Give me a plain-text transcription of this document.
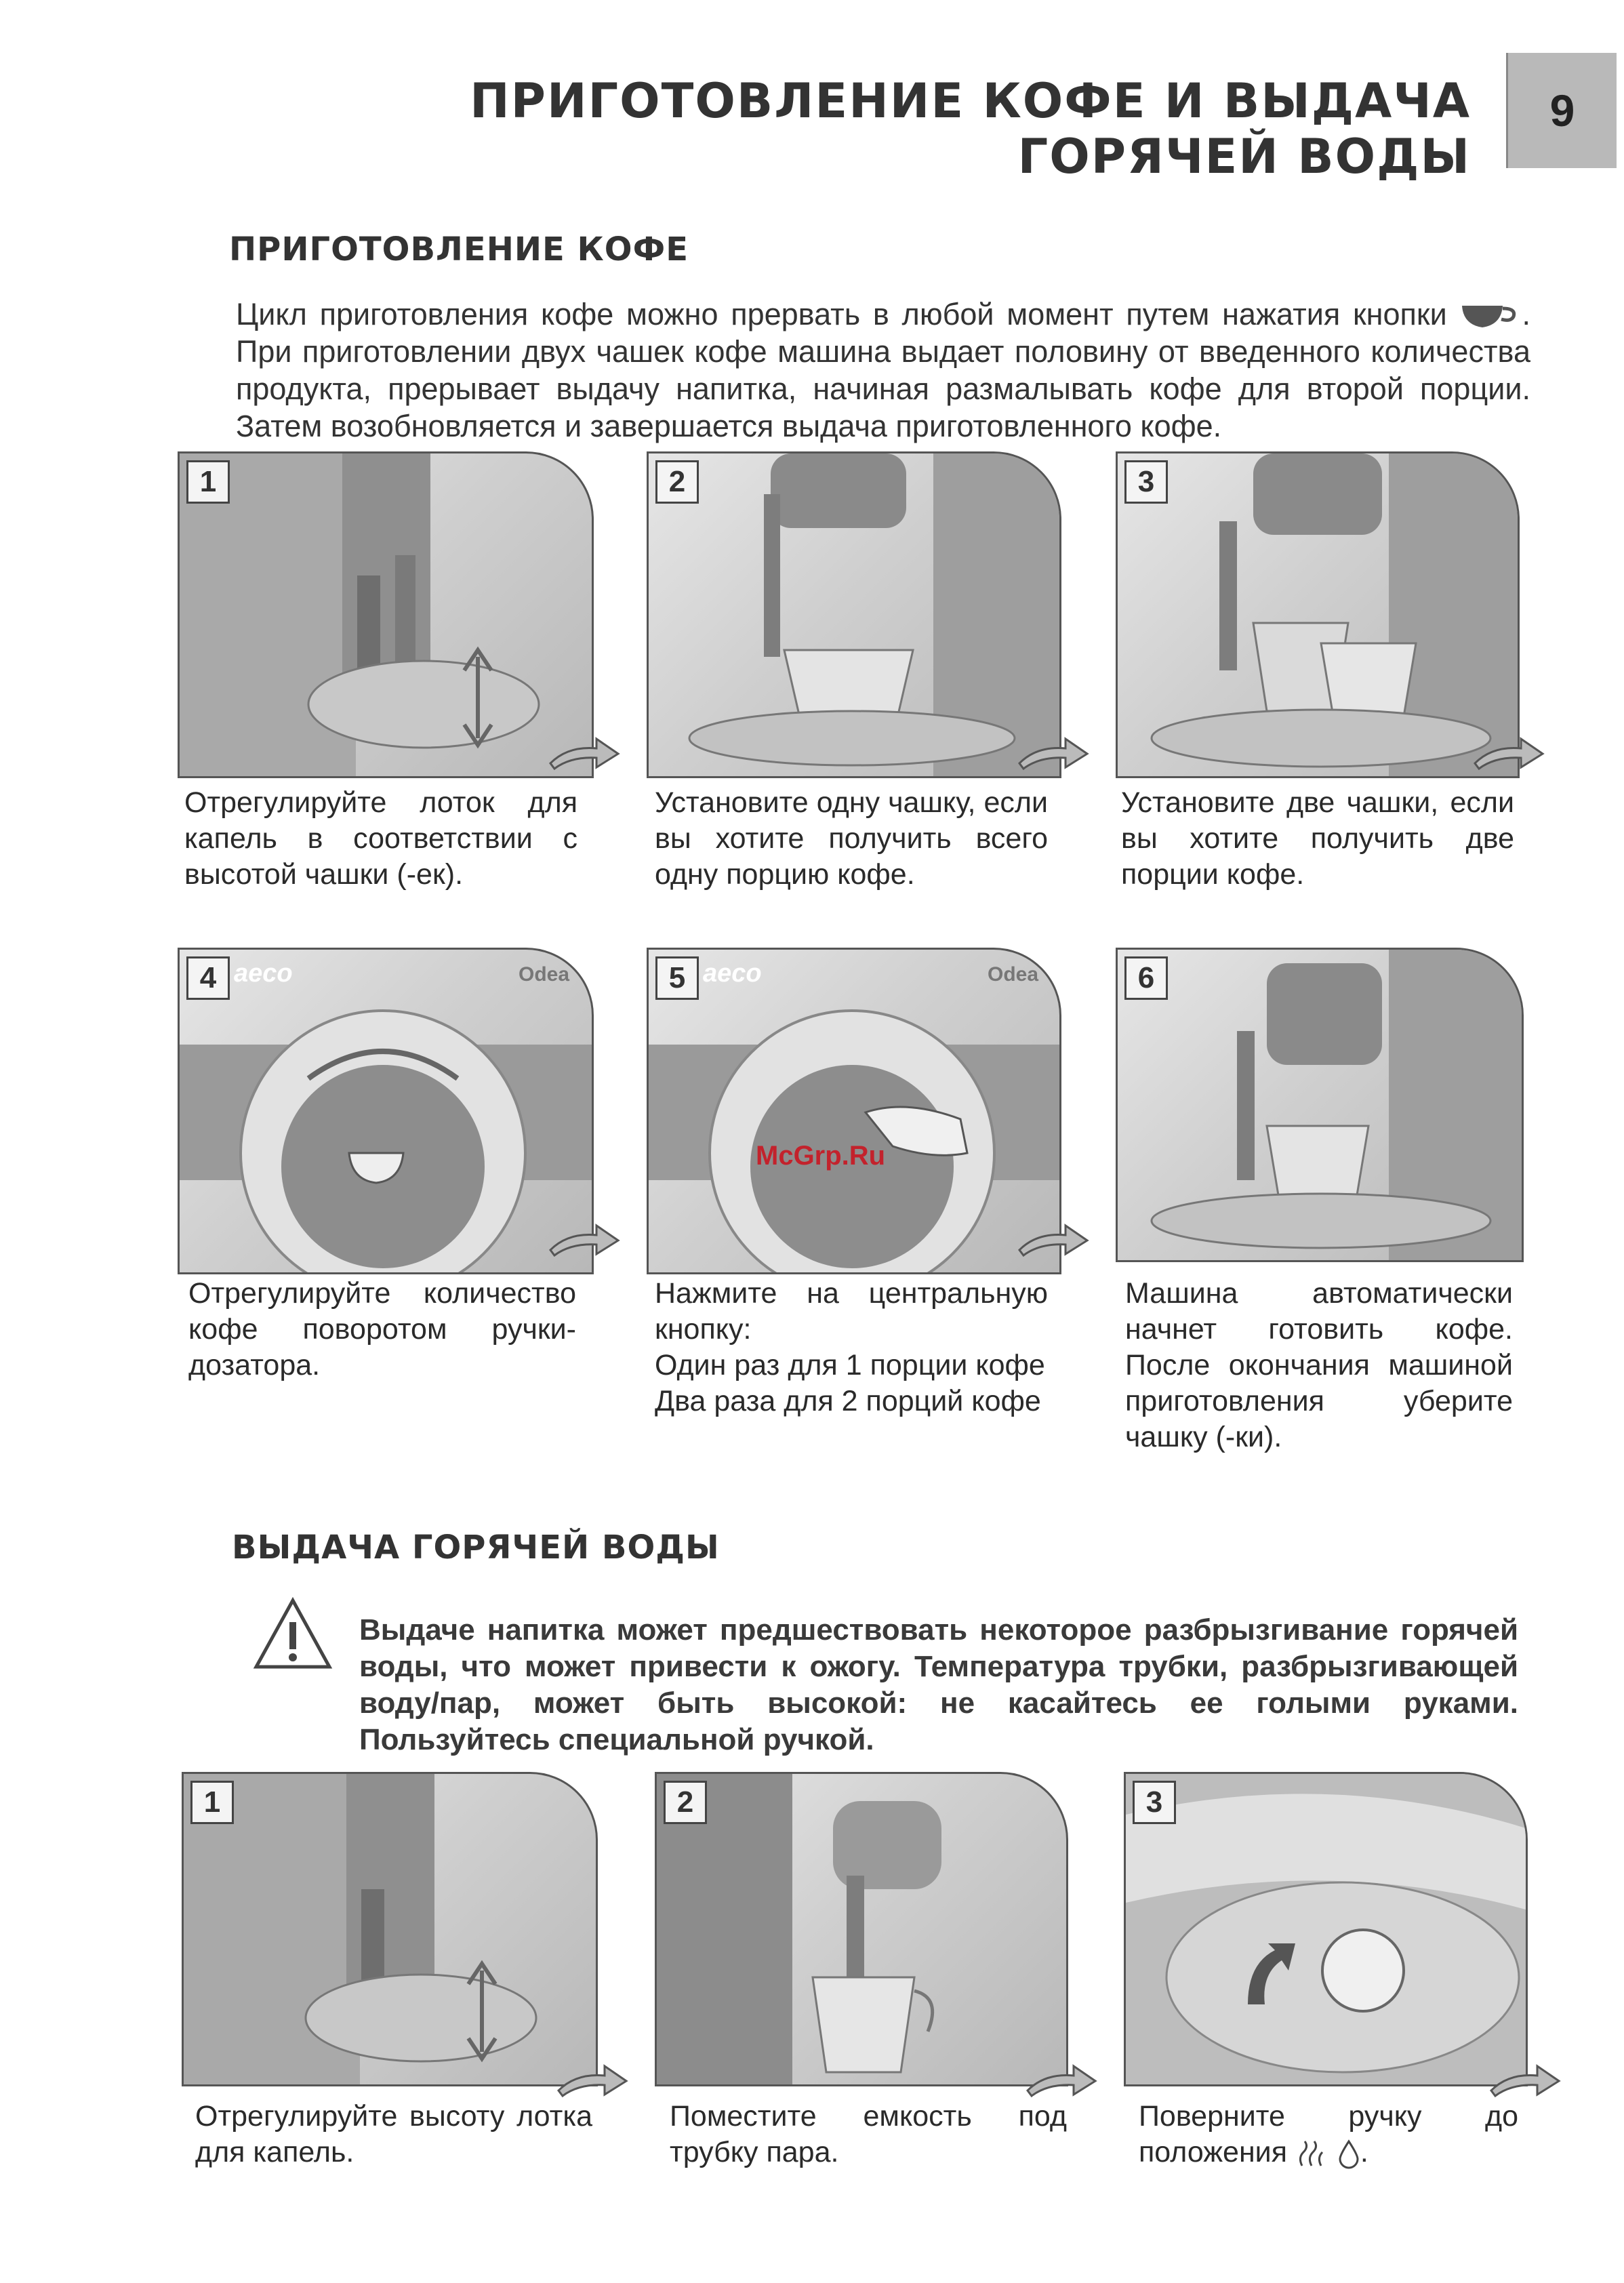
ПРИГОТОВЛЕНИЕ КОФЕ И ВЫДАЧА ГОРЯЧЕЙ ВОДЫ
9
ПРИГОТОВЛЕНИЕ КОФЕ
Цикл приготовления кофе можно прервать в любой момент путем нажатия кнопки . При приготовлении двух чашек кофе машина выдает половину от введенного количества продукта, прерывает выдачу напитка, начиная размалывать кофе для второй порции. Затем возобновляется и завершается выдача приготовленного кофе.
1	2	3
Отрегулируйте лоток для капель в соответствии с высотой чашки (-ек).
Установите одну чашку, если вы хотите получить всего одну порцию кофе.
Установите две чашки, если вы хотите получить две порции кофе.
4 aeco	Odea	5 aeco	Odea	6
Отрегулируйте количество кофе поворотом ручки-дозатора.
Нажмите на центральную кнопку:
Один раз для 1 порции кофе
Два раза для 2 порций кофе
Машина автоматически начнет готовить кофе. После окончания машиной приготовления уберите чашку (-ки).
McGrp.Ru
ВЫДАЧА ГОРЯЧЕЙ ВОДЫ
Выдаче напитка может предшествовать некоторое разбрызгивание горячей воды, что может привести к ожогу. Температура трубки, разбрызгивающей воду/пар, может быть высокой: не касайтесь ее голыми руками. Пользуйтесь специальной ручкой.
1	2	3
Отрегулируйте высоту лотка для капель.
Поместите емкость под трубку пара.
Поверните ручку до положения	.
